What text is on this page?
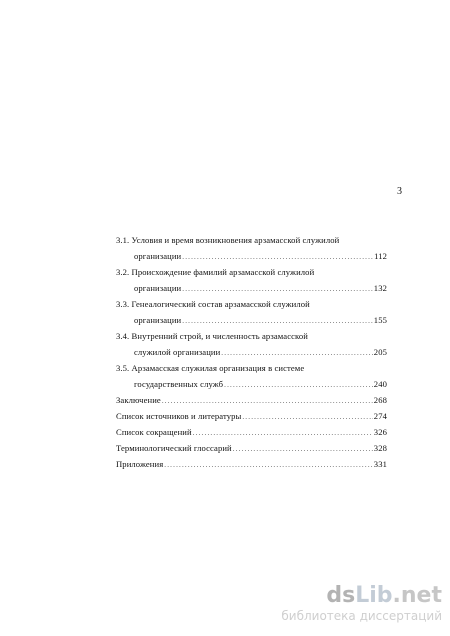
3
3.1. Условия и время возникновения арзамасской служилой
организации .....	112
3.2. Происхождение фамилий арзамасской служилой
организации .....	132
3.3. Генеалогический состав арзамасской служилой
организации .....	155
3.4. Внутренний строй, и численность арзамасской
служилой организации .....	205
3.5. Арзамасская служилая организация в системе
государственных служб .....	240
Заключение .....	268
Список источников и литературы .....	274
Список сокращений .....	326
Терминологический глоссарий .....	328
Приложения .....	331
dsLib.net
библиотека диссертаций
